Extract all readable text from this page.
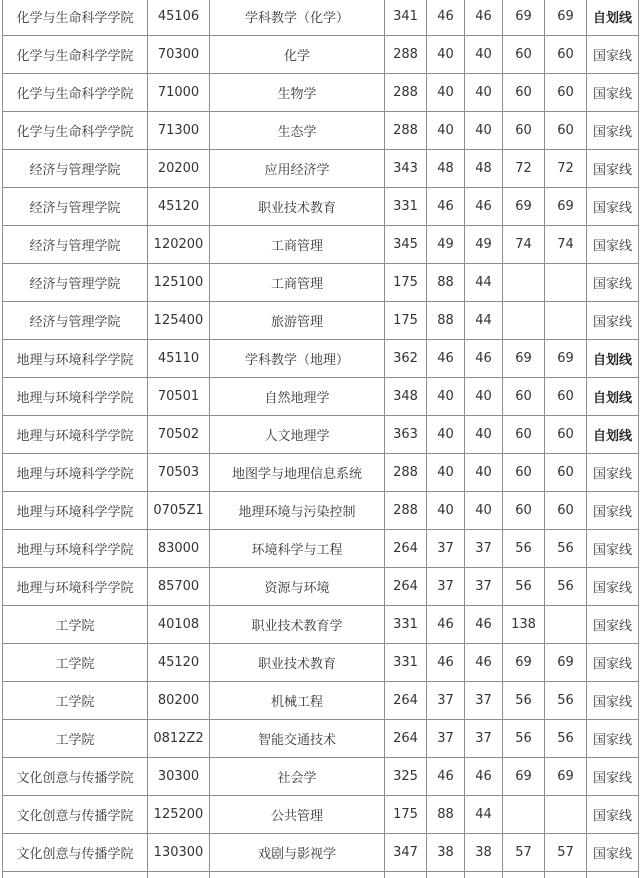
化学与生命科学学院	45106	学科教学（化学）	341	46	46	69	69	自划线
化学与生命科学学院	70300	化学	288	40	40	60	60	国家线
化学与生命科学学院	71000	生物学	288	40	40	60	60	国家线
化学与生命科学学院	71300	生态学	288	40	40	60	60	国家线
经济与管理学院	20200	应用经济学	343	48	48	72	72	国家线
经济与管理学院	45120	职业技术教育	331	46	46	69	69	国家线
经济与管理学院	120200	工商管理	345	49	49	74	74	国家线
经济与管理学院	125100	工商管理	175	88	44			国家线
经济与管理学院	125400	旅游管理	175	88	44			国家线
地理与环境科学学院	45110	学科教学（地理）	362	46	46	69	69	自划线
地理与环境科学学院	70501	自然地理学	348	40	40	60	60	自划线
地理与环境科学学院	70502	人文地理学	363	40	40	60	60	自划线
地理与环境科学学院	70503	地图学与地理信息系统	288	40	40	60	60	国家线
地理与环境科学学院	0705Z1	地理环境与污染控制	288	40	40	60	60	国家线
地理与环境科学学院	83000	环境科学与工程	264	37	37	56	56	国家线
地理与环境科学学院	85700	资源与环境	264	37	37	56	56	国家线
工学院	40108	职业技术教育学	331	46	46	138		国家线
工学院	45120	职业技术教育	331	46	46	69	69	国家线
工学院	80200	机械工程	264	37	37	56	56	国家线
工学院	0812Z2	智能交通技术	264	37	37	56	56	国家线
文化创意与传播学院	30300	社会学	325	46	46	69	69	国家线
文化创意与传播学院	125200	公共管理	175	88	44			国家线
文化创意与传播学院	130300	戏剧与影视学	347	38	38	57	57	国家线
